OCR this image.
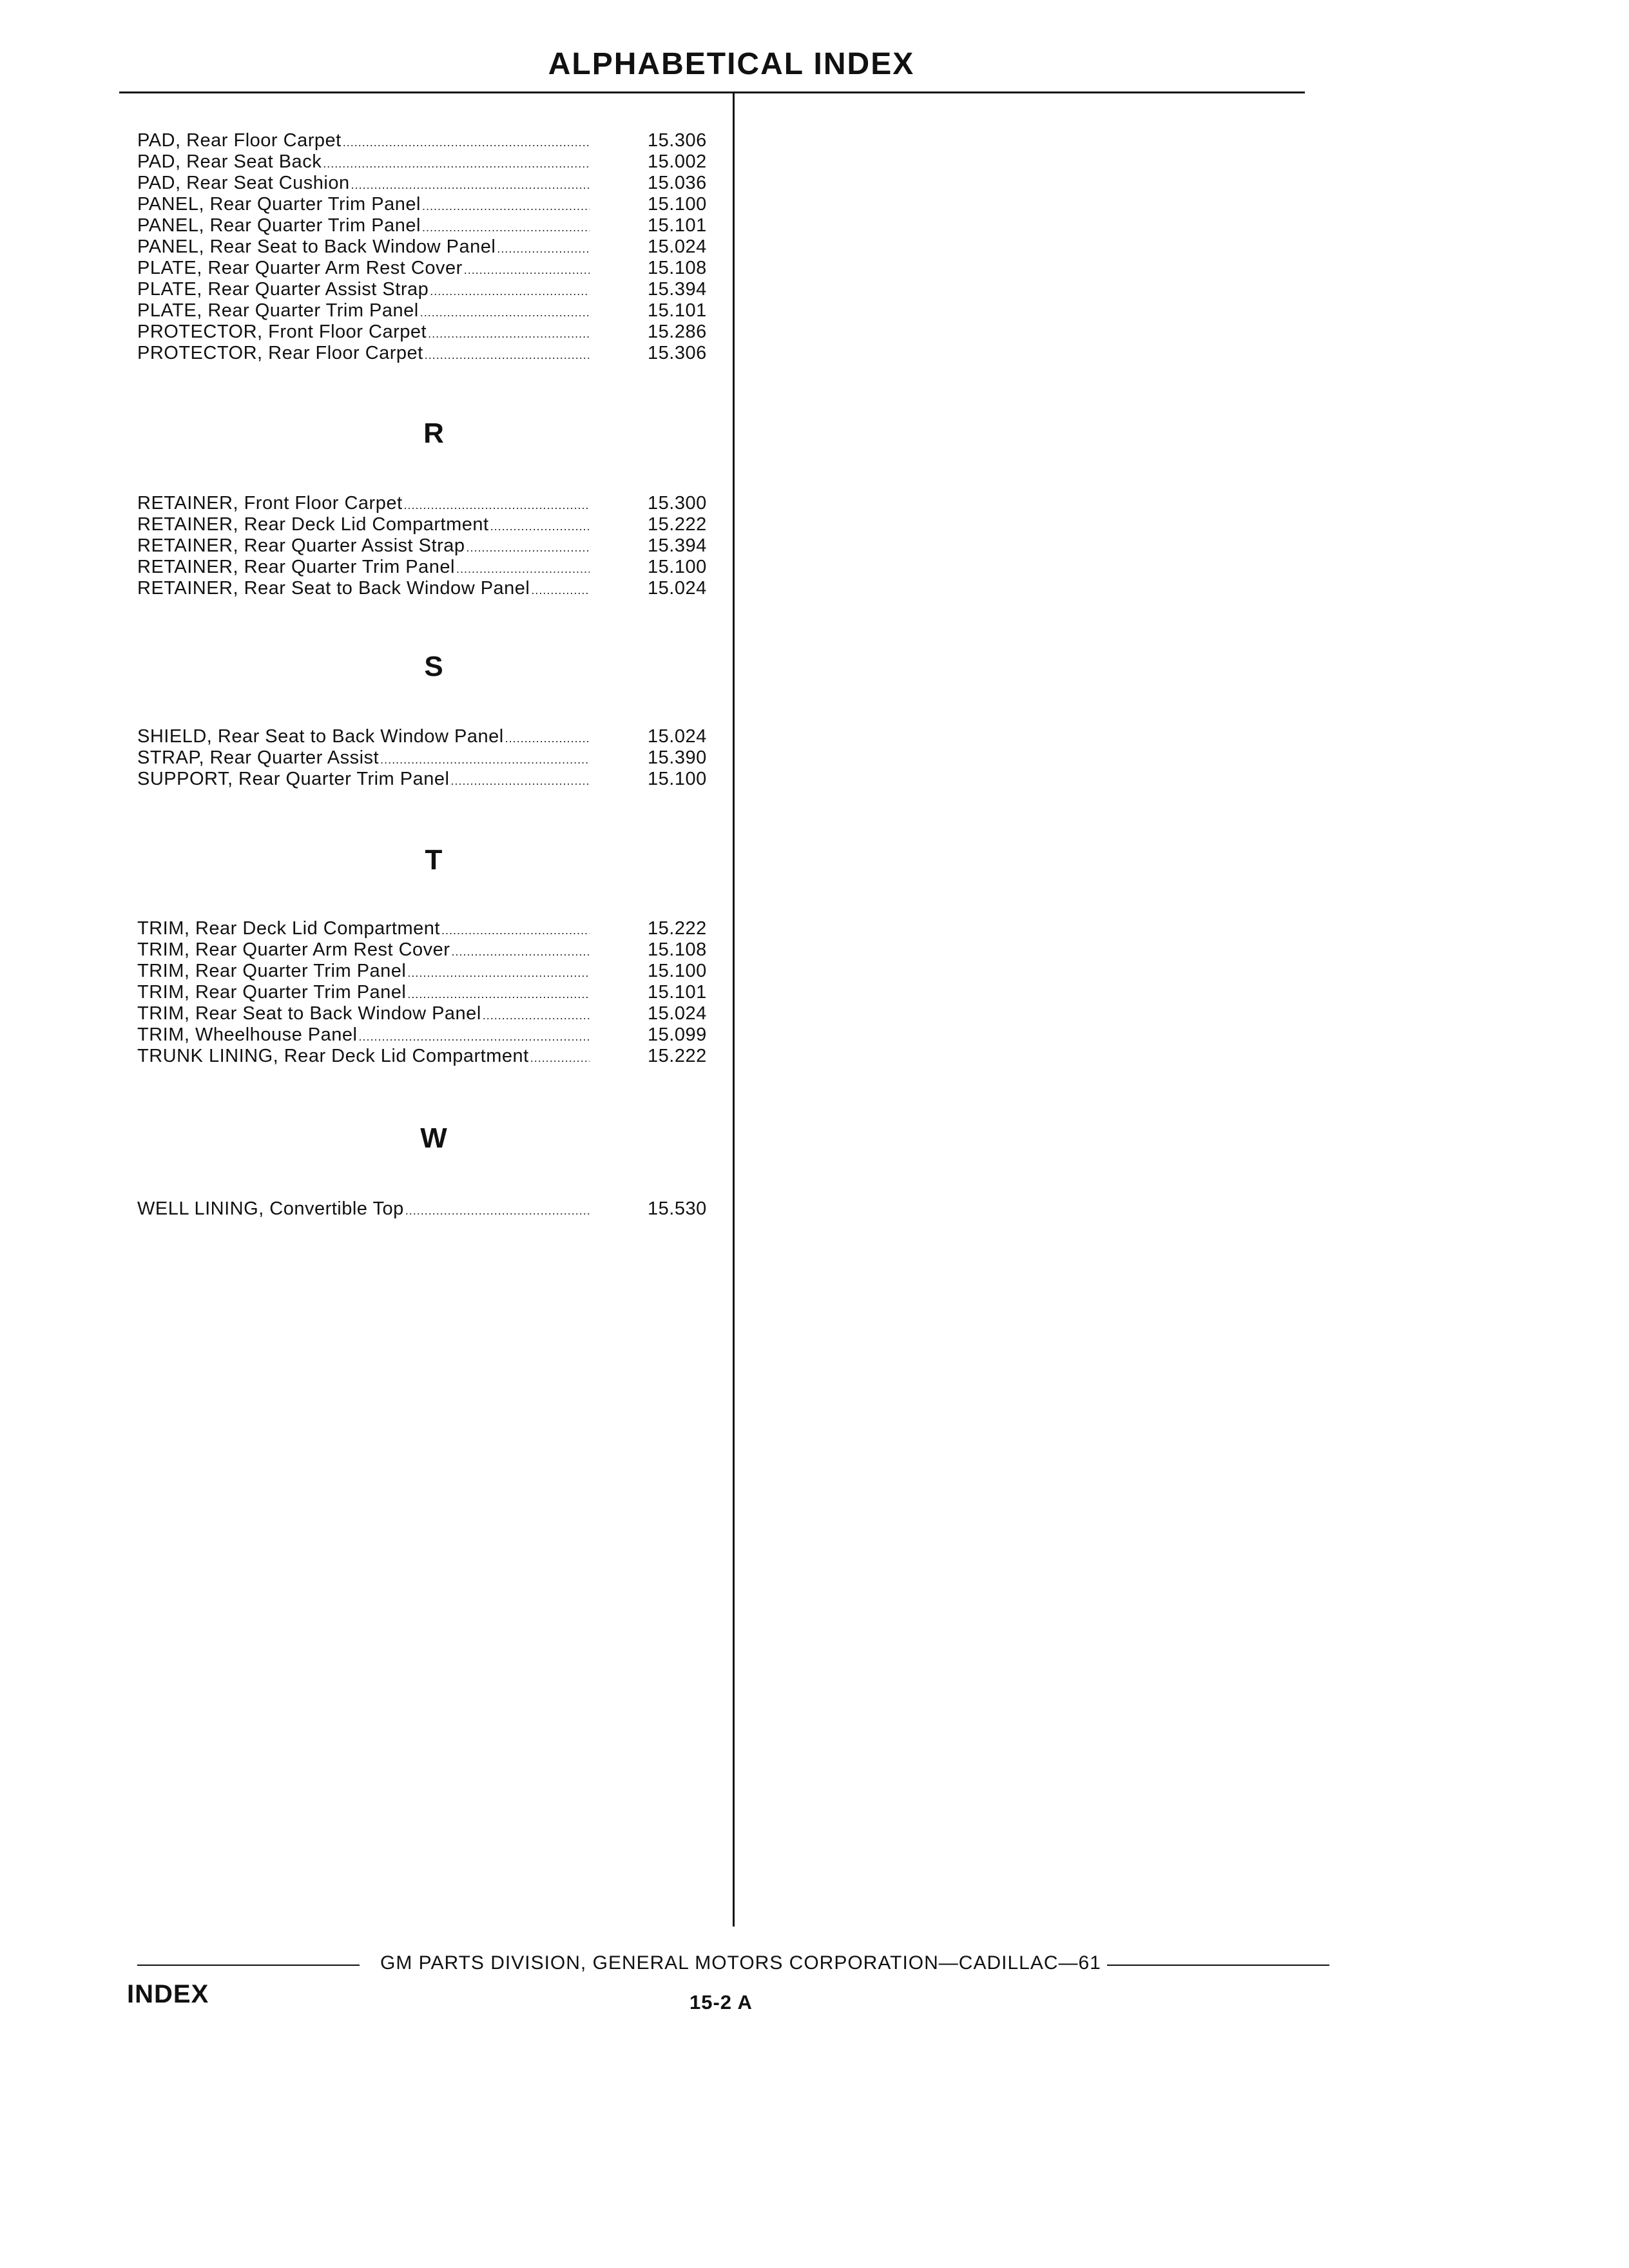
ALPHABETICAL INDEX
PAD, Rear Floor Carpet .....	15.306
PAD, Rear Seat Back .....	15.002
PAD, Rear Seat Cushion .....	15.036
PANEL, Rear Quarter Trim Panel .....	15.100
PANEL, Rear Quarter Trim Panel .....	15.101
PANEL, Rear Seat to Back Window Panel .....	15.024
PLATE, Rear Quarter Arm Rest Cover .....	15.108
PLATE, Rear Quarter Assist Strap .....	15.394
PLATE, Rear Quarter Trim Panel .....	15.101
PROTECTOR, Front Floor Carpet .....	15.286
PROTECTOR, Rear Floor Carpet .....	15.306
R
RETAINER, Front Floor Carpet .....	15.300
RETAINER, Rear Deck Lid Compartment .....	15.222
RETAINER, Rear Quarter Assist Strap .....	15.394
RETAINER, Rear Quarter Trim Panel .....	15.100
RETAINER, Rear Seat to Back Window Panel .....	15.024
S
SHIELD, Rear Seat to Back Window Panel .....	15.024
STRAP, Rear Quarter Assist .....	15.390
SUPPORT, Rear Quarter Trim Panel .....	15.100
T
TRIM, Rear Deck Lid Compartment .....	15.222
TRIM, Rear Quarter Arm Rest Cover .....	15.108
TRIM, Rear Quarter Trim Panel .....	15.100
TRIM, Rear Quarter Trim Panel .....	15.101
TRIM, Rear Seat to Back Window Panel .....	15.024
TRIM, Wheelhouse Panel .....	15.099
TRUNK LINING, Rear Deck Lid Compartment .....	15.222
W
WELL LINING, Convertible Top .....	15.530
GM PARTS DIVISION, GENERAL MOTORS CORPORATION—CADILLAC—61
INDEX	15-2 A
